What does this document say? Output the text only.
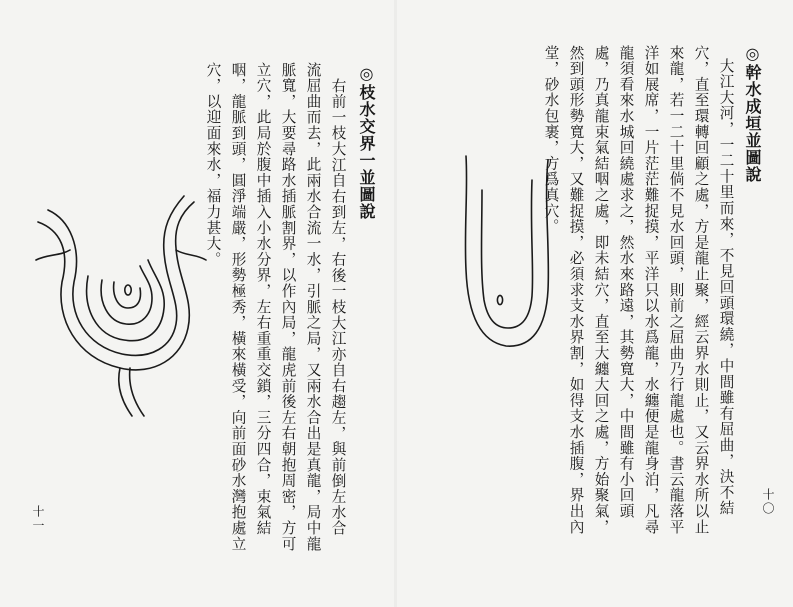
◎枝水交界一並圖說
右前一枝大江自右到左，右後一枝大江亦自右趨左，與前倒左水合
流屈曲而去，此兩水合流一水，引脈之局，又兩水合出是真龍，局中龍
脈寬，大要尋路水插脈割界，以作內局，龍虎前後左右朝抱周密，方可
立穴，此局於腹中插入小水分界，左右重重交鎖，三分四合，束氣結
咽，龍脈到頭，圓淨端嚴，形勢極秀，橫來橫受，向前面砂水灣抱處立
穴，以迎面來水，福力甚大。
十一
◎幹水成垣並圖說
大江大河，一二十里而來，不見回頭環繞，中間雖有屈曲，決不結
穴，直至環轉回顧之處，方是龍止聚，經云界水則止，又云界水所以止
來龍，若一二十里倘不見水回頭，則前之屈曲乃行龍處也。書云龍落平
洋如展席，一片茫茫難捉摸，平洋只以水爲龍，水纏便是龍身泊，凡尋
龍須看來水城回繞處求之，然水來路遠，其勢寬大，中間雖有小回頭
處，乃真龍束氣結咽之處，即未結穴，直至大纏大回之處，方始聚氣，
然到頭形勢寬大，又難捉摸，必須求支水界割，如得支水插腹，界出內
堂，砂水包裹，方爲真穴。
十〇
